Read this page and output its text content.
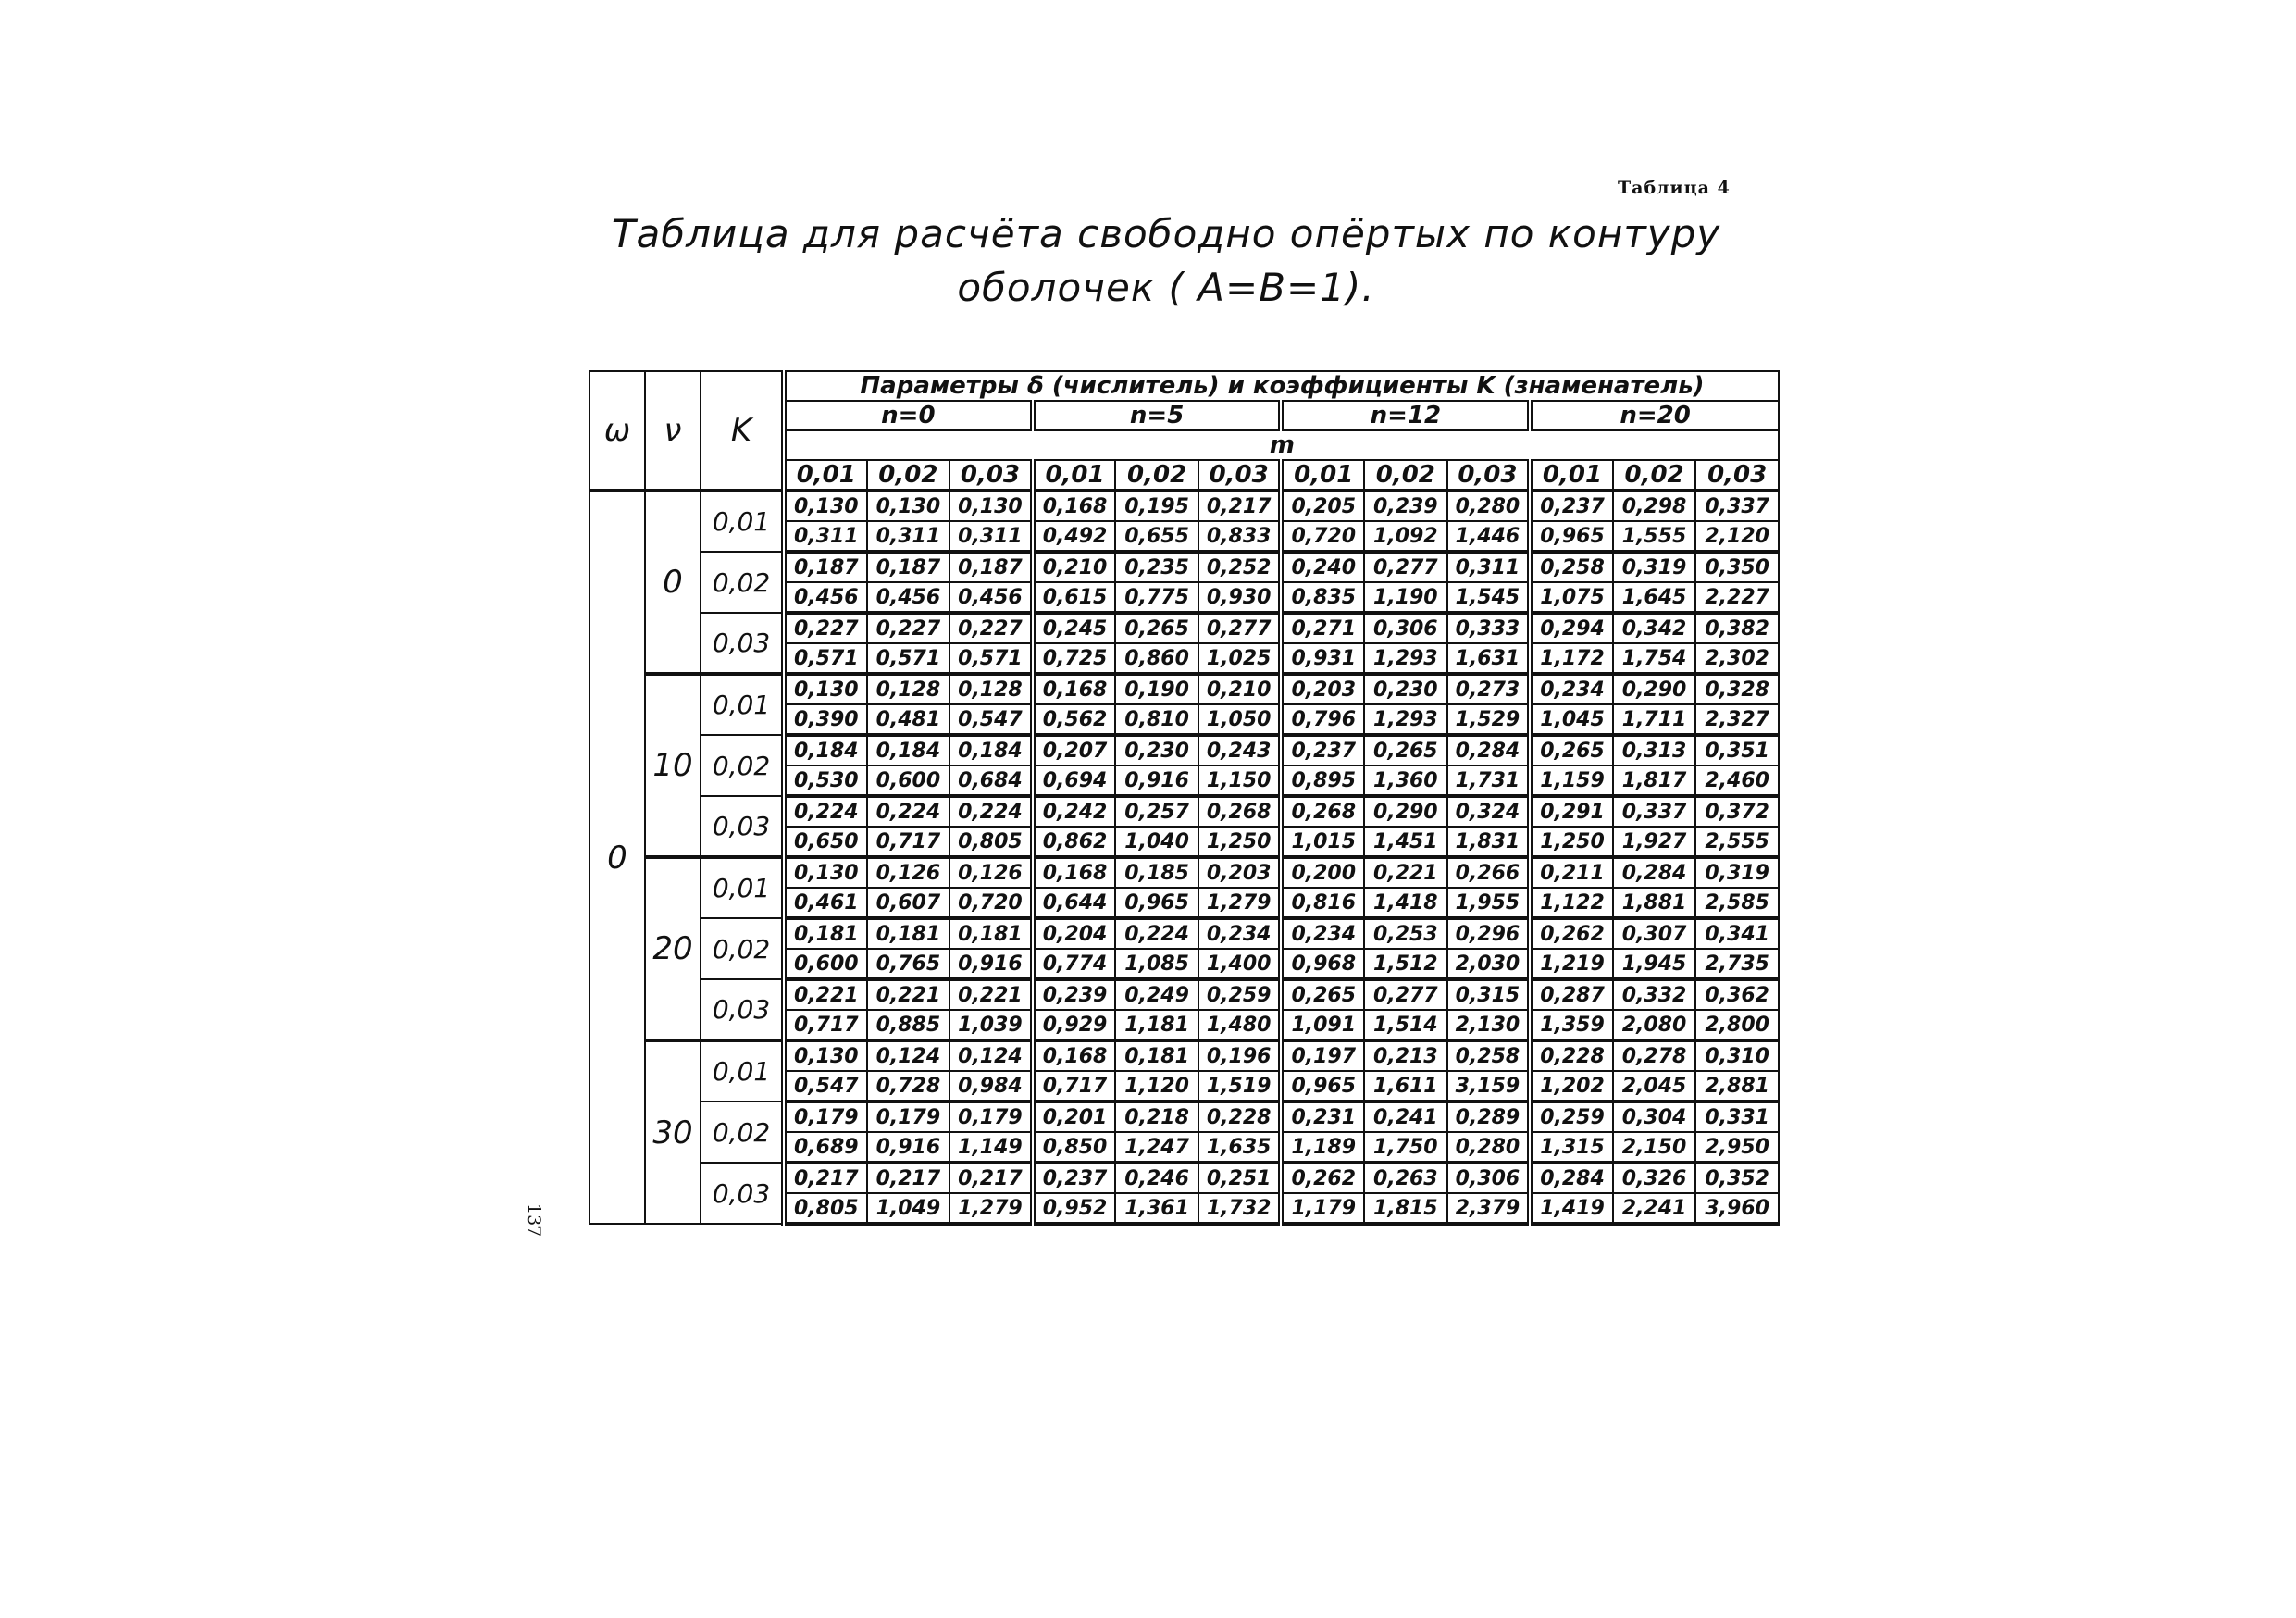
Таблица 4
Таблица для расчёта свободно опёртых по контуру
оболочек ( A=B=1).
137
ω	ν	K	Параметры δ (числитель) и коэффициенты K (знаменатель)											
			n=0			n=5			n=12			n=20		
			m											
			0,01	0,02	0,03	0,01	0,02	0,03	0,01	0,02	0,03	0,01	0,02	0,03
0	0	0,01	0,130	0,130	0,130	0,168	0,195	0,217	0,205	0,239	0,280	0,237	0,298	0,337
			0,311	0,311	0,311	0,492	0,655	0,833	0,720	1,092	1,446	0,965	1,555	2,120
		0,02	0,187	0,187	0,187	0,210	0,235	0,252	0,240	0,277	0,311	0,258	0,319	0,350
			0,456	0,456	0,456	0,615	0,775	0,930	0,835	1,190	1,545	1,075	1,645	2,227
		0,03	0,227	0,227	0,227	0,245	0,265	0,277	0,271	0,306	0,333	0,294	0,342	0,382
			0,571	0,571	0,571	0,725	0,860	1,025	0,931	1,293	1,631	1,172	1,754	2,302
	10	0,01	0,130	0,128	0,128	0,168	0,190	0,210	0,203	0,230	0,273	0,234	0,290	0,328
			0,390	0,481	0,547	0,562	0,810	1,050	0,796	1,293	1,529	1,045	1,711	2,327
		0,02	0,184	0,184	0,184	0,207	0,230	0,243	0,237	0,265	0,284	0,265	0,313	0,351
			0,530	0,600	0,684	0,694	0,916	1,150	0,895	1,360	1,731	1,159	1,817	2,460
		0,03	0,224	0,224	0,224	0,242	0,257	0,268	0,268	0,290	0,324	0,291	0,337	0,372
			0,650	0,717	0,805	0,862	1,040	1,250	1,015	1,451	1,831	1,250	1,927	2,555
	20	0,01	0,130	0,126	0,126	0,168	0,185	0,203	0,200	0,221	0,266	0,211	0,284	0,319
			0,461	0,607	0,720	0,644	0,965	1,279	0,816	1,418	1,955	1,122	1,881	2,585
		0,02	0,181	0,181	0,181	0,204	0,224	0,234	0,234	0,253	0,296	0,262	0,307	0,341
			0,600	0,765	0,916	0,774	1,085	1,400	0,968	1,512	2,030	1,219	1,945	2,735
		0,03	0,221	0,221	0,221	0,239	0,249	0,259	0,265	0,277	0,315	0,287	0,332	0,362
			0,717	0,885	1,039	0,929	1,181	1,480	1,091	1,514	2,130	1,359	2,080	2,800
	30	0,01	0,130	0,124	0,124	0,168	0,181	0,196	0,197	0,213	0,258	0,228	0,278	0,310
			0,547	0,728	0,984	0,717	1,120	1,519	0,965	1,611	3,159	1,202	2,045	2,881
		0,02	0,179	0,179	0,179	0,201	0,218	0,228	0,231	0,241	0,289	0,259	0,304	0,331
			0,689	0,916	1,149	0,850	1,247	1,635	1,189	1,750	0,280	1,315	2,150	2,950
		0,03	0,217	0,217	0,217	0,237	0,246	0,251	0,262	0,263	0,306	0,284	0,326	0,352
			0,805	1,049	1,279	0,952	1,361	1,732	1,179	1,815	2,379	1,419	2,241	3,960
